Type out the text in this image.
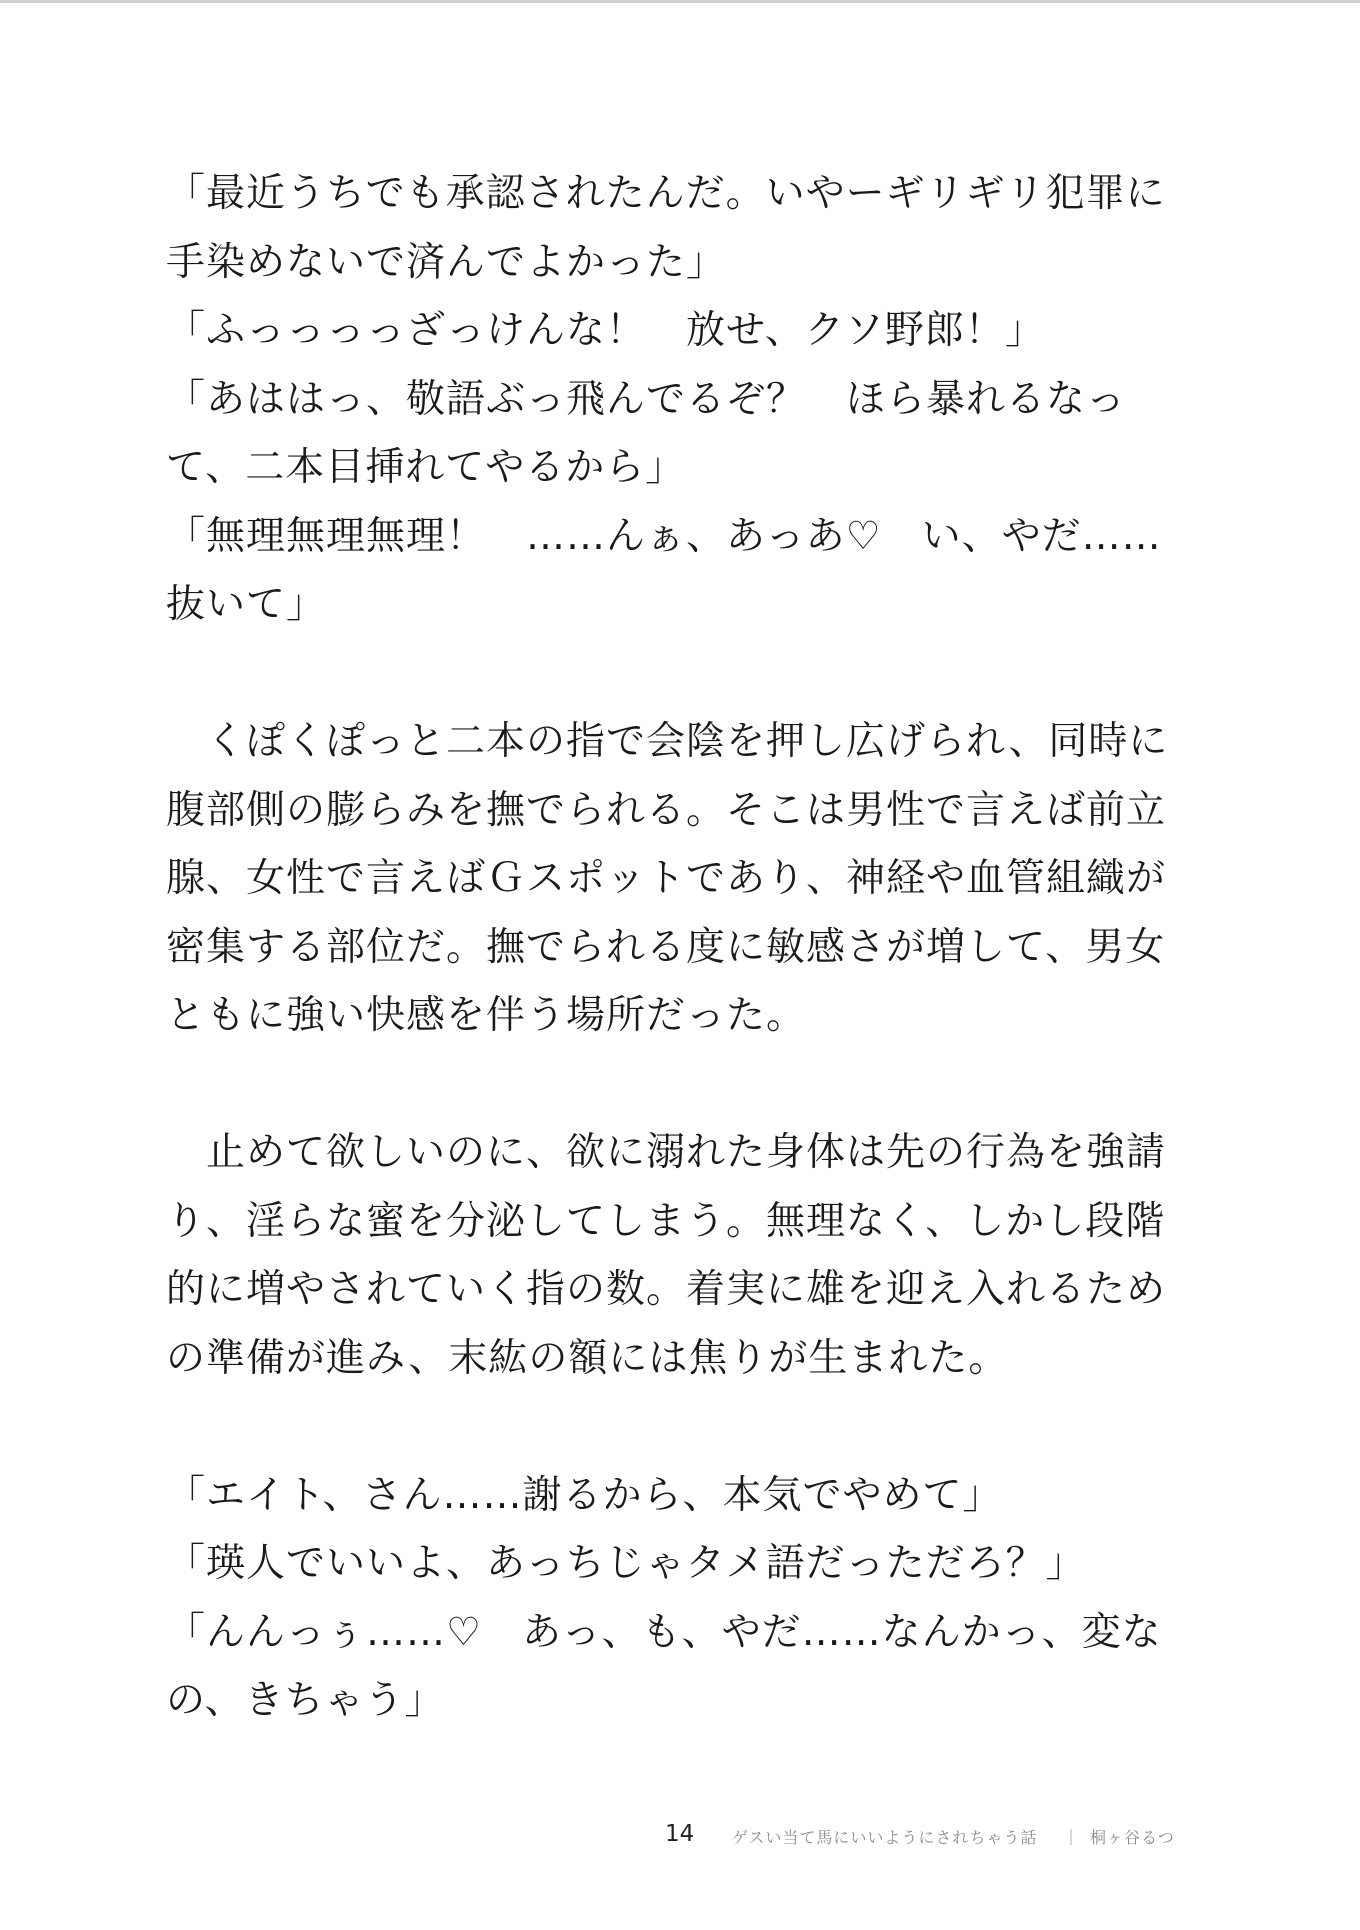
「最近うちでも承認されたんだ。いやーギリギリ犯罪に
手染めないで済んでよかった」
「ふっっっっざっけんな！　放せ、クソ野郎！」
「あははっ、敬語ぶっ飛んでるぞ？　ほら暴れるなっ
て、二本目挿れてやるから」
「無理無理無理！　……んぁ、あっあ♡　い、やだ……
抜いて」
　くぽくぽっと二本の指で会陰を押し広げられ、同時に
腹部側の膨らみを撫でられる。そこは男性で言えば前立
腺、女性で言えばＧスポットであり、神経や血管組織が
密集する部位だ。撫でられる度に敏感さが増して、男女
ともに強い快感を伴う場所だった。
　止めて欲しいのに、欲に溺れた身体は先の行為を強請
り、淫らな蜜を分泌してしまう。無理なく、しかし段階
的に増やされていく指の数。着実に雄を迎え入れるため
の準備が進み、末紘の額には焦りが生まれた。
「エイト、さん……謝るから、本気でやめて」
「瑛人でいいよ、あっちじゃタメ語だっただろ？」
「んんっぅ……♡　あっ、も、やだ……なんかっ、変な
の、きちゃう」
14 ゲスい当て馬にいいようにされちゃう話 ｜ 桐ヶ谷るつ
